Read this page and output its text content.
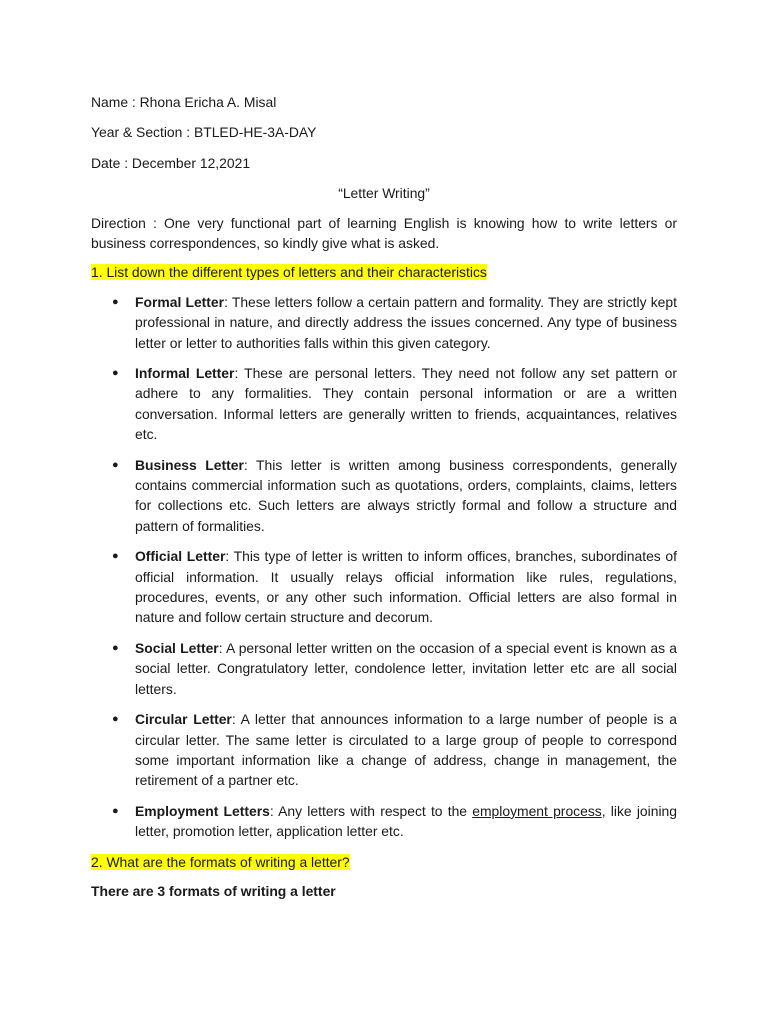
Name : Rhona Ericha A. Misal

Year & Section : BTLED-HE-3A-DAY

Date : December 12,2021

“Letter Writing”

Direction : One very functional part of learning English is knowing how to write letters or business correspondences, so kindly give what is asked.

1. List down the different types of letters and their characteristics

● Formal Letter: These letters follow a certain pattern and formality. They are strictly kept professional in nature, and directly address the issues concerned. Any type of business letter or letter to authorities falls within this given category.
● Informal Letter: These are personal letters. They need not follow any set pattern or adhere to any formalities. They contain personal information or are a written conversation. Informal letters are generally written to friends, acquaintances, relatives etc.
● Business Letter: This letter is written among business correspondents, generally contains commercial information such as quotations, orders, complaints, claims, letters for collections etc. Such letters are always strictly formal and follow a structure and pattern of formalities.
● Official Letter: This type of letter is written to inform offices, branches, subordinates of official information. It usually relays official information like rules, regulations, procedures, events, or any other such information. Official letters are also formal in nature and follow certain structure and decorum.
● Social Letter: A personal letter written on the occasion of a special event is known as a social letter. Congratulatory letter, condolence letter, invitation letter etc are all social letters.
● Circular Letter: A letter that announces information to a large number of people is a circular letter. The same letter is circulated to a large group of people to correspond some important information like a change of address, change in management, the retirement of a partner etc.
● Employment Letters: Any letters with respect to the employment process, like joining letter, promotion letter, application letter etc.

2. What are the formats of writing a letter?

There are 3 formats of writing a letter
